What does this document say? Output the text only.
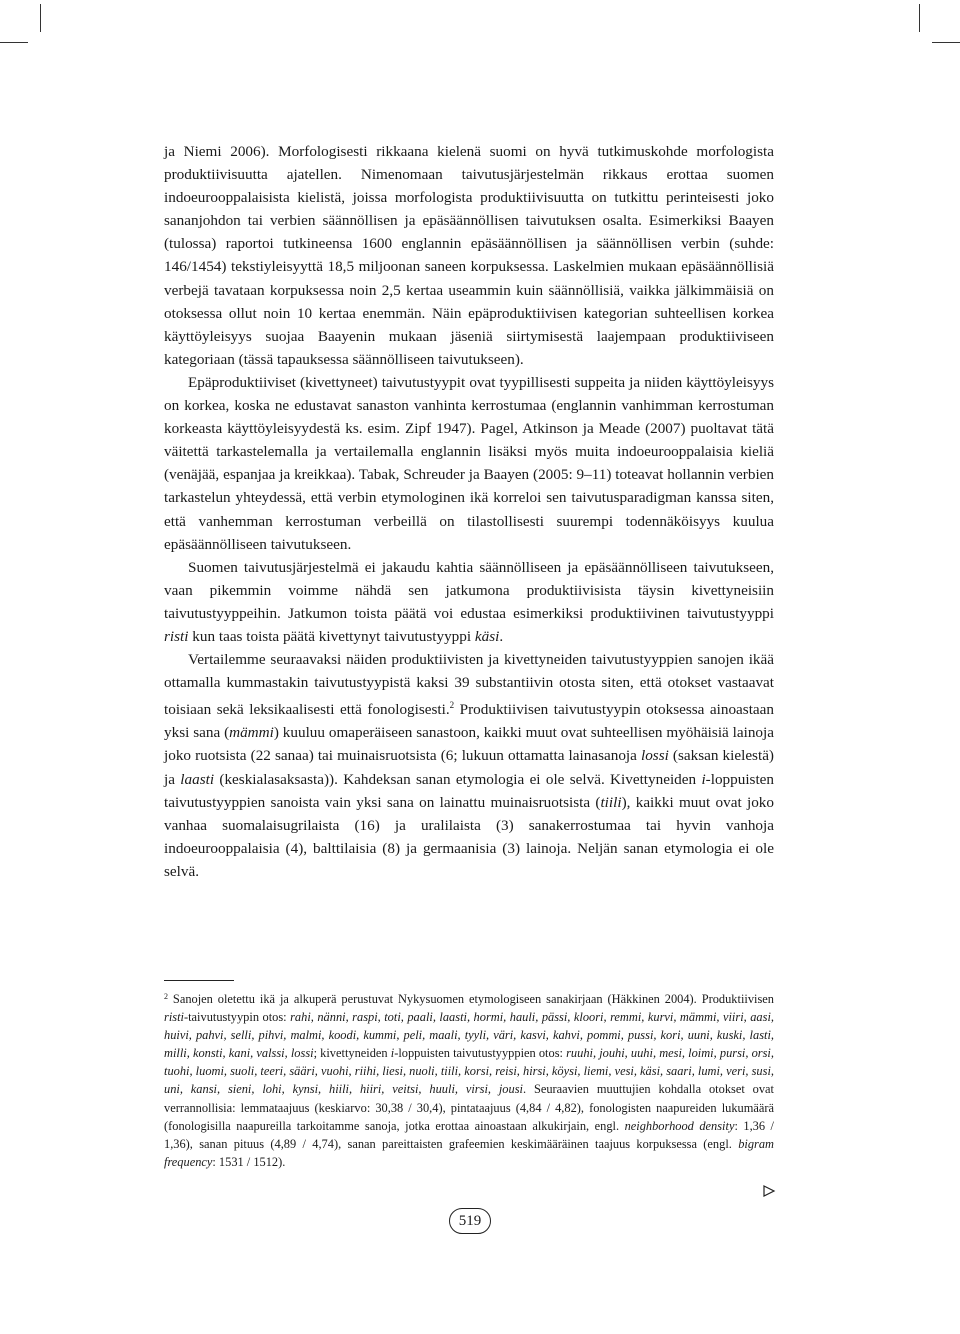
ja Niemi 2006). Morfologisesti rikkaana kielenä suomi on hyvä tutkimuskohde morfologista produktiivisuutta ajatellen. Nimenomaan taivutusjärjestelmän rikkaus erottaa suomen indoeurooppalaisista kielistä, joissa morfologista produktiivisuutta on tutkittu perinteisesti joko sananjohdon tai verbien säännöllisen ja epäsäännöllisen taivutuksen osalta. Esimerkiksi Baayen (tulossa) raportoi tutkineensa 1600 englannin epäsäännöllisen ja säännöllisen verbin (suhde: 146/1454) tekstiyleisyyttä 18,5 miljoonan saneen korpuksessa. Laskelmien mukaan epäsäännöllisiä verbejä tavataan korpuksessa noin 2,5 kertaa useammin kuin säännöllisiä, vaikka jälkimmäisiä on otoksessa ollut noin 10 kertaa enemmän. Näin epäproduktiivisen kategorian suhteellisen korkea käyttöyleisyys suojaa Baayenin mukaan jäseniä siirtymisestä laajempaan produktiiviseen kategoriaan (tässä tapauksessa säännölliseen taivutukseen).

Epäproduktiiviset (kivettyneet) taivutustyypit ovat tyypillisesti suppeita ja niiden käyttöyleisyys on korkea, koska ne edustavat sanaston vanhinta kerrostumaa (englannin vanhimman kerrostuman korkeasta käyttöyleisyydestä ks. esim. Zipf 1947). Pagel, Atkinson ja Meade (2007) puoltavat tätä väitettä tarkastelemalla ja vertailemalla englannin lisäksi myös muita indoeurooppalaisia kieliä (venäjää, espanjaa ja kreikkaa). Tabak, Schreuder ja Baayen (2005: 9–11) toteavat hollannin verbien tarkastelun yhteydessä, että verbin etymologinen ikä korreloi sen taivutusparadigman kanssa siten, että vanhemman kerrostuman verbeillä on tilastollisesti suurempi todennäköisyys kuulua epäsäännölliseen taivutukseen.

Suomen taivutusjärjestelmä ei jakaudu kahtia säännölliseen ja epäsäännölliseen taivutukseen, vaan pikemmin voimme nähdä sen jatkumona produktiivisista täysin kivettyneisiin taivutustyyppeihin. Jatkumon toista päätä voi edustaa esimerkiksi produktiivinen taivutustyyppi risti kun taas toista päätä kivettynyt taivutustyyppi käsi.

Vertailemme seuraavaksi näiden produktiivisten ja kivettyneiden taivutustyyppien sanojen ikää ottamalla kummastakin taivutustyypistä kaksi 39 substantiivin otosta siten, että otokset vastaavat toisiaan sekä leksikaalisesti että fonologisesti.$^2$ Produktiivisen taivutustyypin otoksessa ainoastaan yksi sana (mämmi) kuuluu omaperäiseen sanastoon, kaikki muut ovat suhteellisen myöhäisiä lainoja joko ruotsista (22 sanaa) tai muinaisruotsista (6; lukuun ottamatta lainasanoja lossi (saksan kielestä) ja laasti (keskialasaksasta)). Kahdeksan sanan etymologia ei ole selvä. Kivettyneiden i-loppuisten taivutustyyppien sanoista vain yksi sana on lainattu muinaisruotsista (tiili), kaikki muut ovat joko vanhaa suomalaisugrilaista (16) ja uralilaista (3) sanakerrostumaa tai hyvin vanhoja indoeurooppalaisia (4), balttilaisia (8) ja germaanisia (3) lainoja. Neljän sanan etymologia ei ole selvä.

$^2$ Sanojen oletettu ikä ja alkuperä perustuvat Nykysuomen etymologiseen sanakirjaan (Häkkinen 2004). Produktiivisen risti-taivutustyypin otos: rahi, nänni, raspi, toti, paali, laasti, hormi, hauli, pässi, kloori, remmi, kurvi, mämmi, viiri, aasi, huivi, pahvi, selli, pihvi, malmi, koodi, kummi, peli, maali, tyyli, väri, kasvi, kahvi, pommi, pussi, kori, uuni, kuski, lasti, milli, konsti, kani, valssi, lossi; kivettyneiden i-loppuisten taivutustyyppien otos: ruuhi, jouhi, uuhi, mesi, loimi, pursi, orsi, tuohi, luomi, suoli, teeri, sääri, vuohi, riihi, liesi, nuoli, tiili, korsi, reisi, hirsi, köysi, liemi, vesi, käsi, saari, lumi, veri, susi, uni, kansi, sieni, lohi, kynsi, hiili, hiiri, veitsi, huuli, virsi, jousi. Seuraavien muuttujien kohdalla otokset ovat verrannollisia: lemmataajuus (keskiarvo: 30,38 / 30,4), pintataajuus (4,84 / 4,82), fonologisten naapureiden lukumäärä (fonologisilla naapureilla tarkoitamme sanoja, jotka erottaa ainoastaan alkukirjain, engl. neighborhood density: 1,36 / 1,36), sanan pituus (4,89 / 4,74), sanan pareittaisten grafeemien keskimääräinen taajuus korpuksessa (engl. bigram frequency: 1531 / 1512).
519
